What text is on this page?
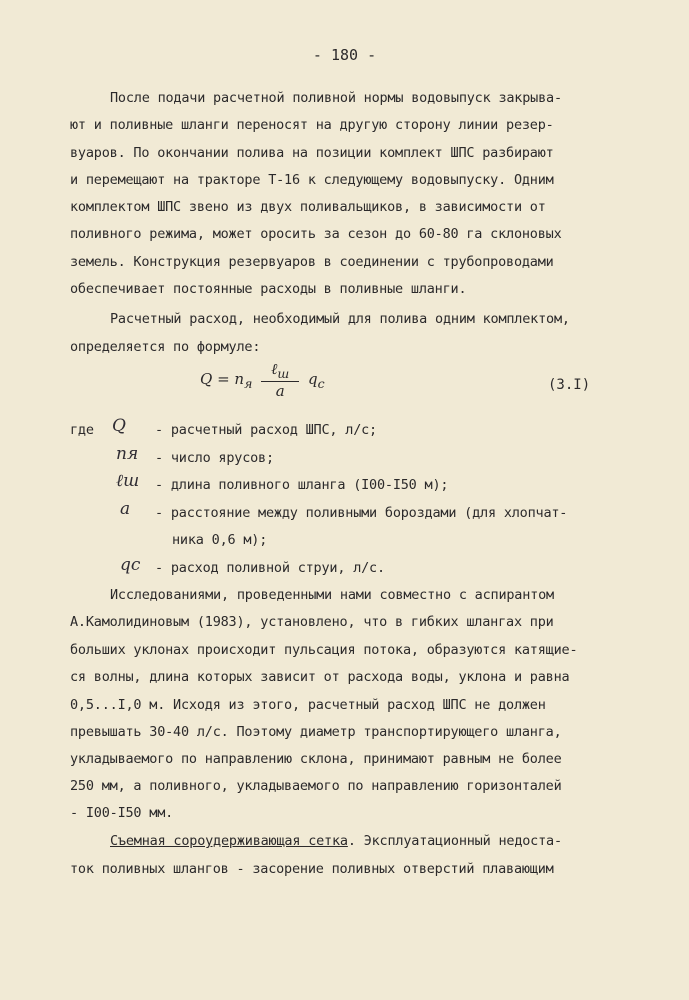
- 180 -
После подачи расчетной поливной нормы водовыпуск закрыва-
ют и поливные шланги переносят на другую сторону линии резер-
вуаров. По окончании полива на позиции комплект ШПС разбирают
и перемещают на тракторе Т-16 к следующему водовыпуску. Одним
комплектом ШПС звено из двух поливальщиков, в зависимости от
поливного режима, может оросить за сезон до 60-80 га склоновых
земель. Конструкция резервуаров в соединении с трубопроводами
обеспечивает постоянные расходы в поливные шланги.
Расчетный расход, необходимый для полива одним комплектом,
определяется по формуле:
$Q = n_я$
ℓ$_ш$
a
$q_с$	(3.I)
где Q - расчетный расход ШПС, л/с;
nя - число ярусов;
ℓш - длина поливного шланга (I00-I50 м);
a - расстояние между поливными бороздами (для хлопчат-
ника 0,6 м);
qс - расход поливной струи, л/с.
Исследованиями, проведенными нами совместно с аспирантом
А.Камолидиновым (1983), установлено, что в гибких шлангах при
больших уклонах происходит пульсация потока, образуются катящие-
ся волны, длина которых зависит от расхода воды, уклона и равна
0,5...I,0 м. Исходя из этого, расчетный расход ШПС не должен
превышать 30-40 л/с. Поэтому диаметр транспортирующего шланга,
укладываемого по направлению склона, принимают равным не более
250 мм, а поливного, укладываемого по направлению горизонталей
- I00-I50 мм.
Съемная сороудерживающая сетка. Эксплуатационный недоста-
ток поливных шлангов - засорение поливных отверстий плавающим
